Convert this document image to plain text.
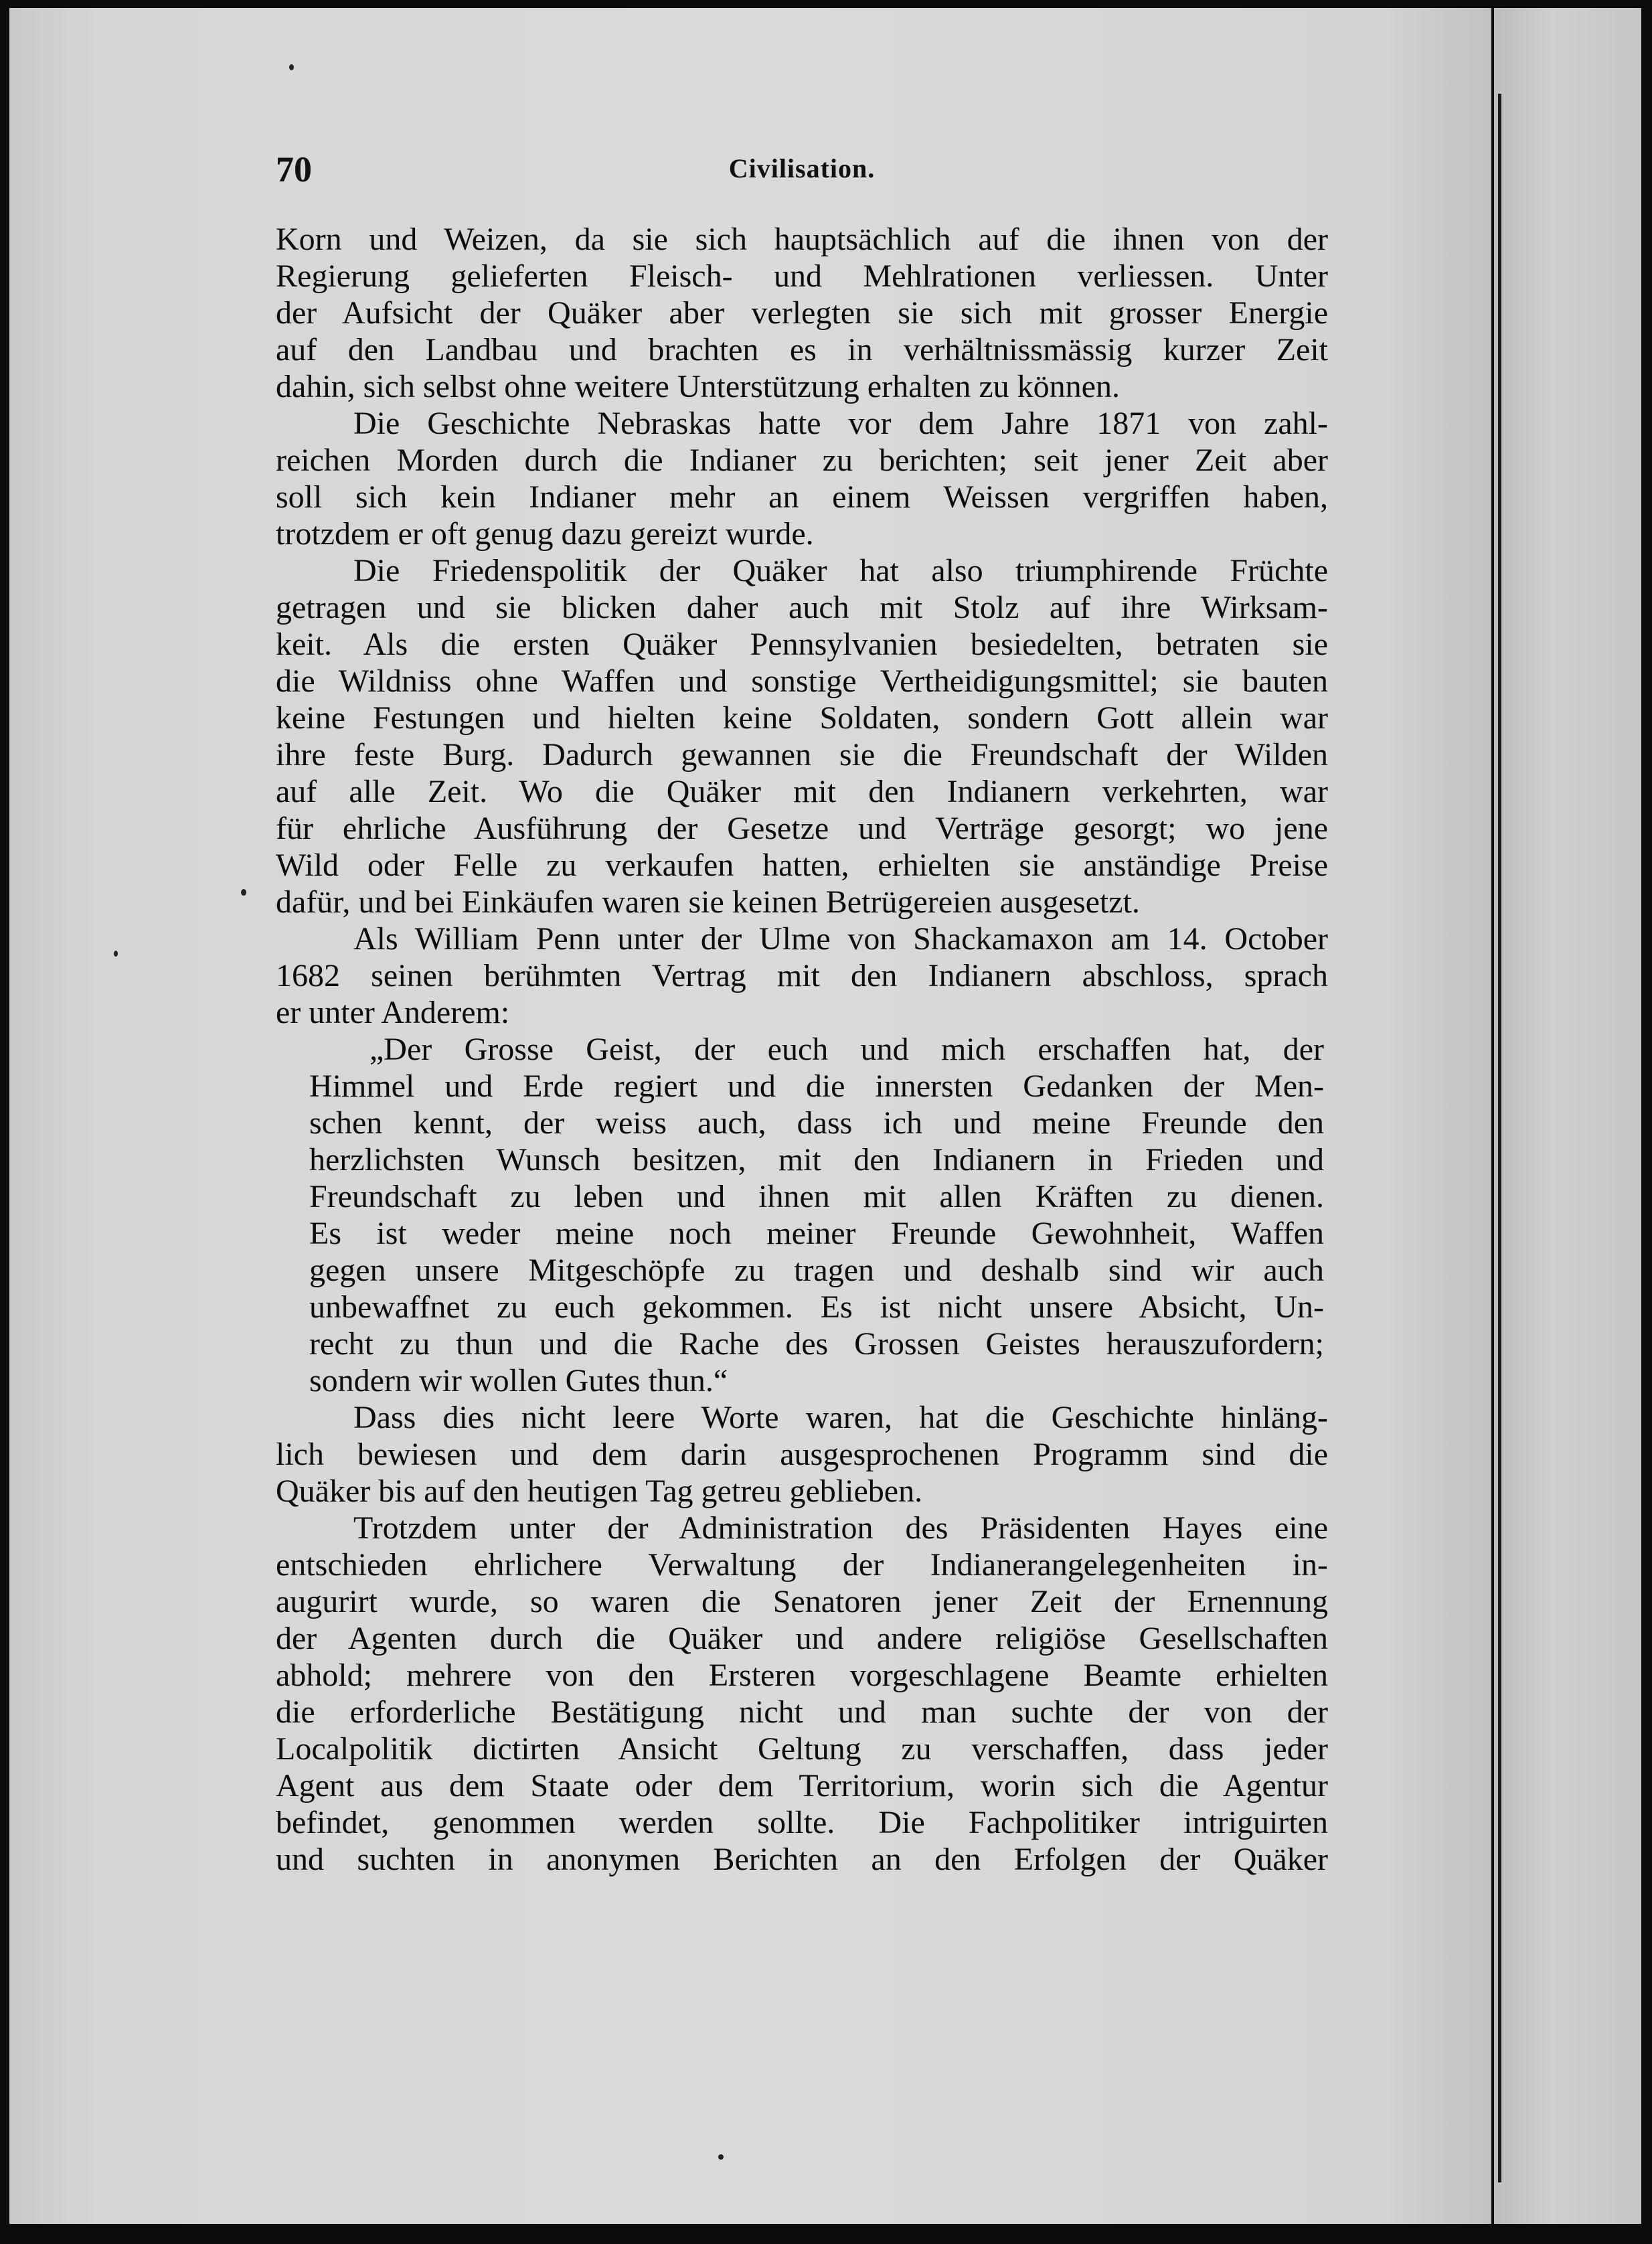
70	Civilisation.
Korn und Weizen, da sie sich hauptsächlich auf die ihnen von der
Regierung gelieferten Fleisch- und Mehlrationen verliessen. Unter
der Aufsicht der Quäker aber verlegten sie sich mit grosser Energie
auf den Landbau und brachten es in verhältnissmässig kurzer Zeit
dahin, sich selbst ohne weitere Unterstützung erhalten zu können.
Die Geschichte Nebraskas hatte vor dem Jahre 1871 von zahl-
reichen Morden durch die Indianer zu berichten; seit jener Zeit aber
soll sich kein Indianer mehr an einem Weissen vergriffen haben,
trotzdem er oft genug dazu gereizt wurde.
Die Friedenspolitik der Quäker hat also triumphirende Früchte
getragen und sie blicken daher auch mit Stolz auf ihre Wirksam-
keit. Als die ersten Quäker Pennsylvanien besiedelten, betraten sie
die Wildniss ohne Waffen und sonstige Vertheidigungsmittel; sie bauten
keine Festungen und hielten keine Soldaten, sondern Gott allein war
ihre feste Burg. Dadurch gewannen sie die Freundschaft der Wilden
auf alle Zeit. Wo die Quäker mit den Indianern verkehrten, war
für ehrliche Ausführung der Gesetze und Verträge gesorgt; wo jene
Wild oder Felle zu verkaufen hatten, erhielten sie anständige Preise
dafür, und bei Einkäufen waren sie keinen Betrügereien ausgesetzt.
Als William Penn unter der Ulme von Shackamaxon am 14. October
1682 seinen berühmten Vertrag mit den Indianern abschloss, sprach
er unter Anderem:
„Der Grosse Geist, der euch und mich erschaffen hat, der
Himmel und Erde regiert und die innersten Gedanken der Men-
schen kennt, der weiss auch, dass ich und meine Freunde den
herzlichsten Wunsch besitzen, mit den Indianern in Frieden und
Freundschaft zu leben und ihnen mit allen Kräften zu dienen.
Es ist weder meine noch meiner Freunde Gewohnheit, Waffen
gegen unsere Mitgeschöpfe zu tragen und deshalb sind wir auch
unbewaffnet zu euch gekommen. Es ist nicht unsere Absicht, Un-
recht zu thun und die Rache des Grossen Geistes herauszufordern;
sondern wir wollen Gutes thun.“
Dass dies nicht leere Worte waren, hat die Geschichte hinläng-
lich bewiesen und dem darin ausgesprochenen Programm sind die
Quäker bis auf den heutigen Tag getreu geblieben.
Trotzdem unter der Administration des Präsidenten Hayes eine
entschieden ehrlichere Verwaltung der Indianerangelegenheiten in-
augurirt wurde, so waren die Senatoren jener Zeit der Ernennung
der Agenten durch die Quäker und andere religiöse Gesellschaften
abhold; mehrere von den Ersteren vorgeschlagene Beamte erhielten
die erforderliche Bestätigung nicht und man suchte der von der
Localpolitik dictirten Ansicht Geltung zu verschaffen, dass jeder
Agent aus dem Staate oder dem Territorium, worin sich die Agentur
befindet, genommen werden sollte. Die Fachpolitiker intriguirten
und suchten in anonymen Berichten an den Erfolgen der Quäker
